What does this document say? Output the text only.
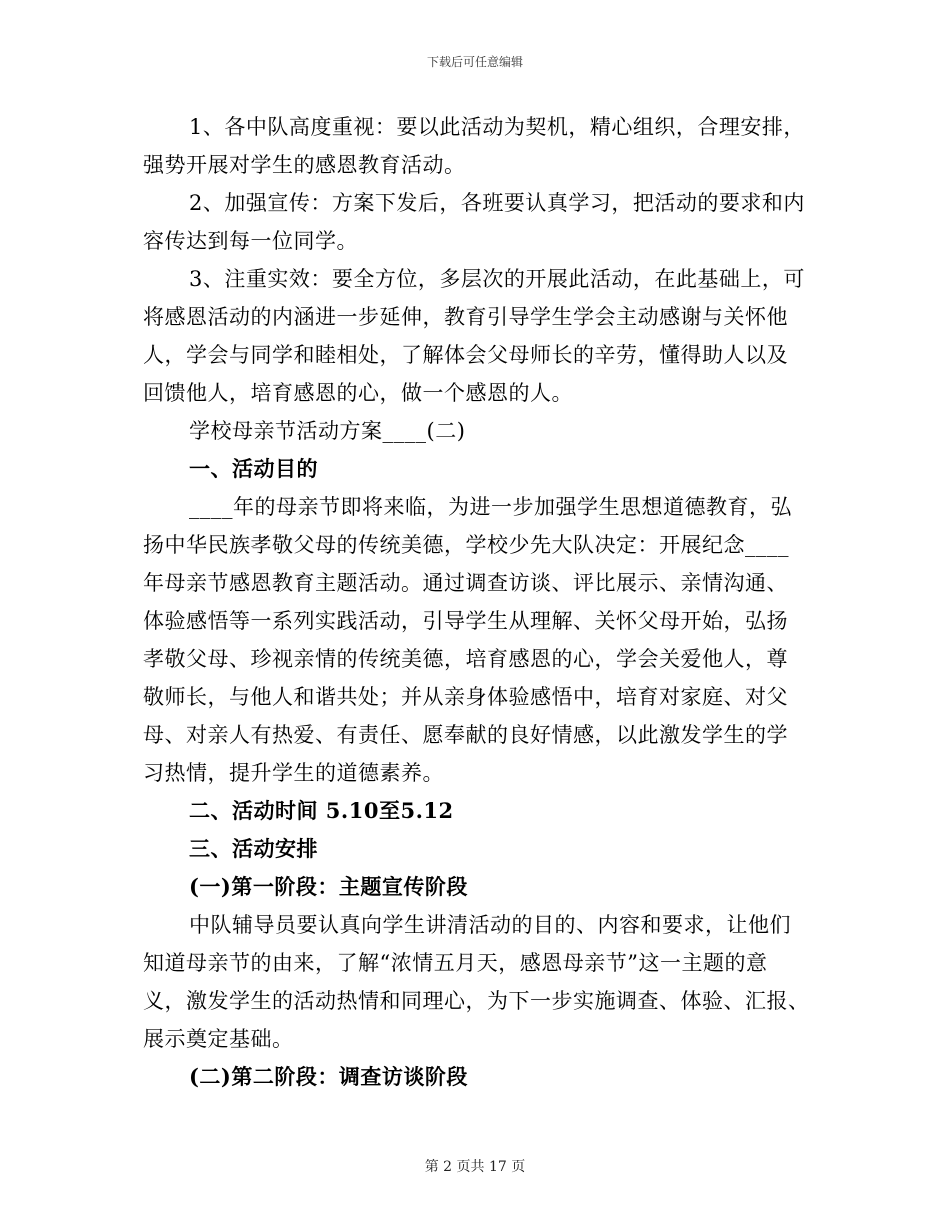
下载后可任意编辑
1、各中队高度重视：要以此活动为契机，精心组织，合理安排，
强势开展对学生的感恩教育活动。
2、加强宣传：方案下发后，各班要认真学习，把活动的要求和内
容传达到每一位同学。
3、注重实效：要全方位，多层次的开展此活动，在此基础上，可
将感恩活动的内涵进一步延伸，教育引导学生学会主动感谢与关怀他
人，学会与同学和睦相处，了解体会父母师长的辛劳，懂得助人以及
回馈他人，培育感恩的心，做一个感恩的人。
学校母亲节活动方案____(二)
一、活动目的
____年的母亲节即将来临，为进一步加强学生思想道德教育，弘
扬中华民族孝敬父母的传统美德，学校少先大队决定：开展纪念____
年母亲节感恩教育主题活动。通过调查访谈、评比展示、亲情沟通、
体验感悟等一系列实践活动，引导学生从理解、关怀父母开始，弘扬
孝敬父母、珍视亲情的传统美德，培育感恩的心，学会关爱他人，尊
敬师长，与他人和谐共处；并从亲身体验感悟中，培育对家庭、对父
母、对亲人有热爱、有责任、愿奉献的良好情感，以此激发学生的学
习热情，提升学生的道德素养。
二、活动时间 5.10至5.12
三、活动安排
(一)第一阶段：主题宣传阶段
中队辅导员要认真向学生讲清活动的目的、内容和要求，让他们
知道母亲节的由来，了解“浓情五月天，感恩母亲节”这一主题的意
义，激发学生的活动热情和同理心，为下一步实施调查、体验、汇报、
展示奠定基础。
(二)第二阶段：调查访谈阶段
第 2 页共 17 页
